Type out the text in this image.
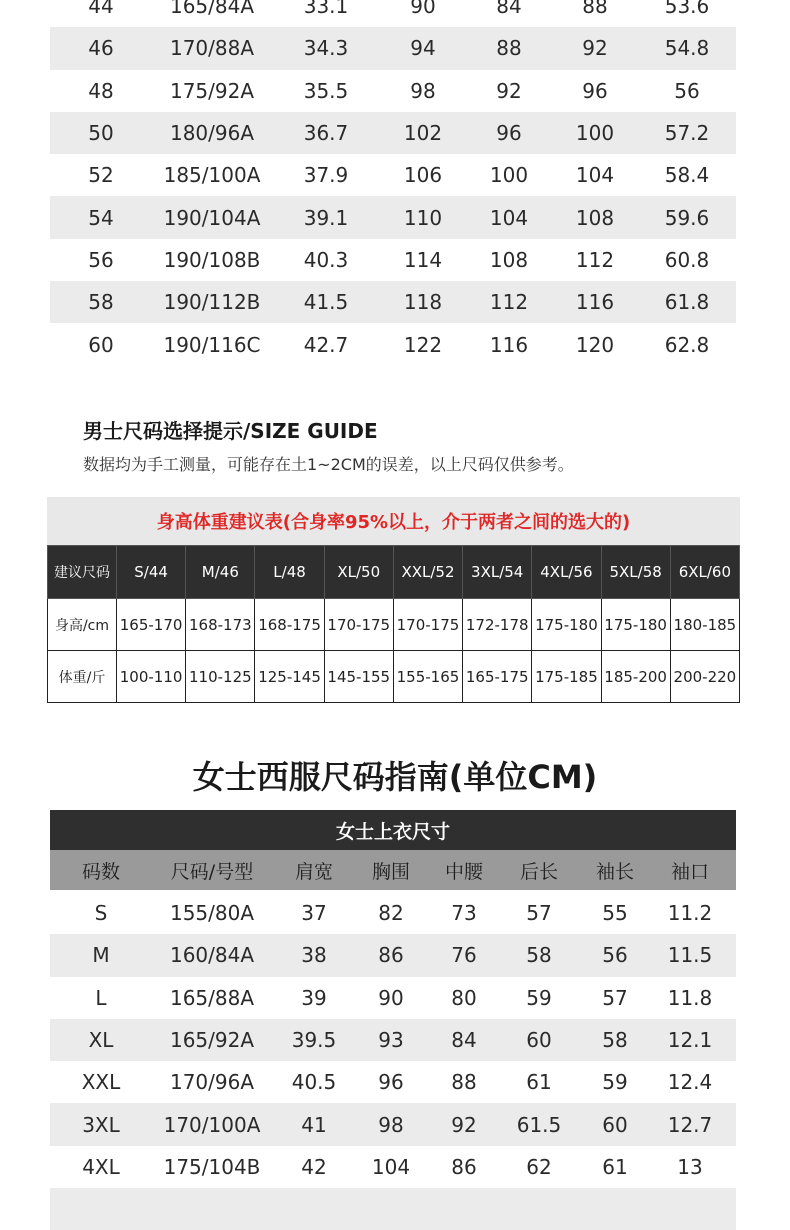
44	165/84A	33.1	90	84	88	53.6
46	170/88A	34.3	94	88	92	54.8
48	175/92A	35.5	98	92	96	56
50	180/96A	36.7	102	96	100	57.2
52	185/100A	37.9	106	100	104	58.4
54	190/104A	39.1	110	104	108	59.6
56	190/108B	40.3	114	108	112	60.8
58	190/112B	41.5	118	112	116	61.8
60	190/116C	42.7	122	116	120	62.8
男士尺码选择提示/SIZE GUIDE
数据均为手工测量，可能存在土1~2CM的误差，以上尺码仅供参考。
身高体重建议表(合身率95%以上，介于两者之间的选大的)
建议尺码	S/44	M/46	L/48	XL/50	XXL/52	3XL/54	4XL/56	5XL/58	6XL/60
身高/cm	165-170	168-173	168-175	170-175	170-175	172-178	175-180	175-180	180-185
体重/斤	100-110	110-125	125-145	145-155	155-165	165-175	175-185	185-200	200-220
女士西服尺码指南(单位CM)
女士上衣尺寸
码数	尺码/号型	肩宽	胸围	中腰	后长	袖长	袖口
S	155/80A	37	82	73	57	55	11.2
M	160/84A	38	86	76	58	56	11.5
L	165/88A	39	90	80	59	57	11.8
XL	165/92A	39.5	93	84	60	58	12.1
XXL	170/96A	40.5	96	88	61	59	12.4
3XL	170/100A	41	98	92	61.5	60	12.7
4XL	175/104B	42	104	86	62	61	13
